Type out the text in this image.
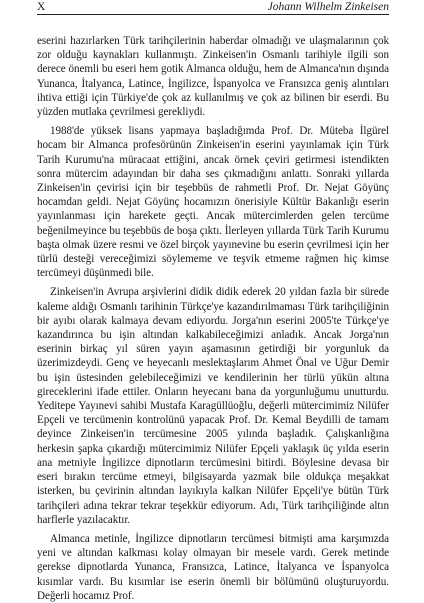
X	Johann Wilhelm Zinkeisen

eserini hazırlarken Türk tarihçilerinin haberdar olmadığı ve ulaşmalarının çok zor olduğu kaynakları kullanmıştı. Zinkeisen'in Osmanlı tarihiyle ilgili son derece önemli bu eseri hem gotik Almanca olduğu, hem de Almanca'nın dışında Yunanca, İtalyanca, Latince, İngilizce, İspanyolca ve Fransızca geniş alıntıları ihtiva ettiği için Türkiye'de çok az kullanılmış ve çok az bilinen bir eserdi. Bu yüzden mutlaka çevrilmesi gerekliydi.

1988'de yüksek lisans yapmaya başladığımda Prof. Dr. Müteba İlgürel hocam bir Almanca profesörünün Zinkeisen'in eserini yayınlamak için Türk Tarih Kurumu'na müracaat ettiğini, ancak örnek çeviri getirmesi istendikten sonra mütercim adayından bir daha ses çıkmadığını anlattı. Sonraki yıllarda Zinkeisen'in çevirisi için bir teşebbüs de rahmetli Prof. Dr. Nejat Göyünç hocamdan geldi. Nejat Göyünç hocamızın önerisiyle Kültür Bakanlığı eserin yayınlanması için harekete geçti. Ancak mütercimlerden gelen tercüme beğenilmeyince bu teşebbüs de boşa çıktı. İlerleyen yıllarda Türk Tarih Kurumu başta olmak üzere resmi ve özel birçok yayınevine bu eserin çevrilmesi için her türlü desteği vereceğimizi söylememe ve teşvik etmeme rağmen hiç kimse tercümeyi düşünmedi bile.

Zinkeisen'in Avrupa arşivlerini didik didik ederek 20 yıldan fazla bir sürede kaleme aldığı Osmanlı tarihinin Türkçe'ye kazandırılmaması Türk tarihçiliğinin bir ayıbı olarak kalmaya devam ediyordu. Jorga'nın eserini 2005'te Türkçe'ye kazandırınca bu işin altından kalkabileceğimizi anladık. Ancak Jorga'nın eserinin birkaç yıl süren yayın aşamasının getirdiği bir yorgunluk da üzerimizdeydi. Genç ve heyecanlı meslektaşlarım Ahmet Önal ve Uğur Demir bu işin üstesinden gelebileceğimizi ve kendilerinin her türlü yükün altına gireceklerini ifade ettiler. Onların heyecanı bana da yorgunluğumu unutturdu. Yeditepe Yayınevi sahibi Mustafa Karagüllüoğlu, değerli mütercimimiz Nilüfer Epçeli ve tercümenin kontrolünü yapacak Prof. Dr. Kemal Beydilli de tamam deyince Zinkeisen'in tercümesine 2005 yılında başladık. Çalışkanlığına herkesin şapka çıkardığı mütercimimiz Nilüfer Epçeli yaklaşık üç yılda eserin ana metniyle İngilizce dipnotların tercümesini bitirdi. Böylesine devasa bir eseri bırakın tercüme etmeyi, bilgisayarda yazmak bile oldukça meşakkat isterken, bu çevirinin altından layıkıyla kalkan Nilüfer Epçeli'ye bütün Türk tarihçileri adına tekrar tekrar teşekkür ediyorum. Adı, Türk tarihçiliğinde altın harflerle yazılacaktır.

Almanca metinle, İngilizce dipnotların tercümesi bitmişti ama karşımızda yeni ve altından kalkması kolay olmayan bir mesele vardı. Gerek metinde gerekse dipnotlarda Yunanca, Fransızca, Latince, İtalyanca ve İspanyolca kısımlar vardı. Bu kısımlar ise eserin önemli bir bölümünü oluşturuyordu. Değerli hocamız Prof.
